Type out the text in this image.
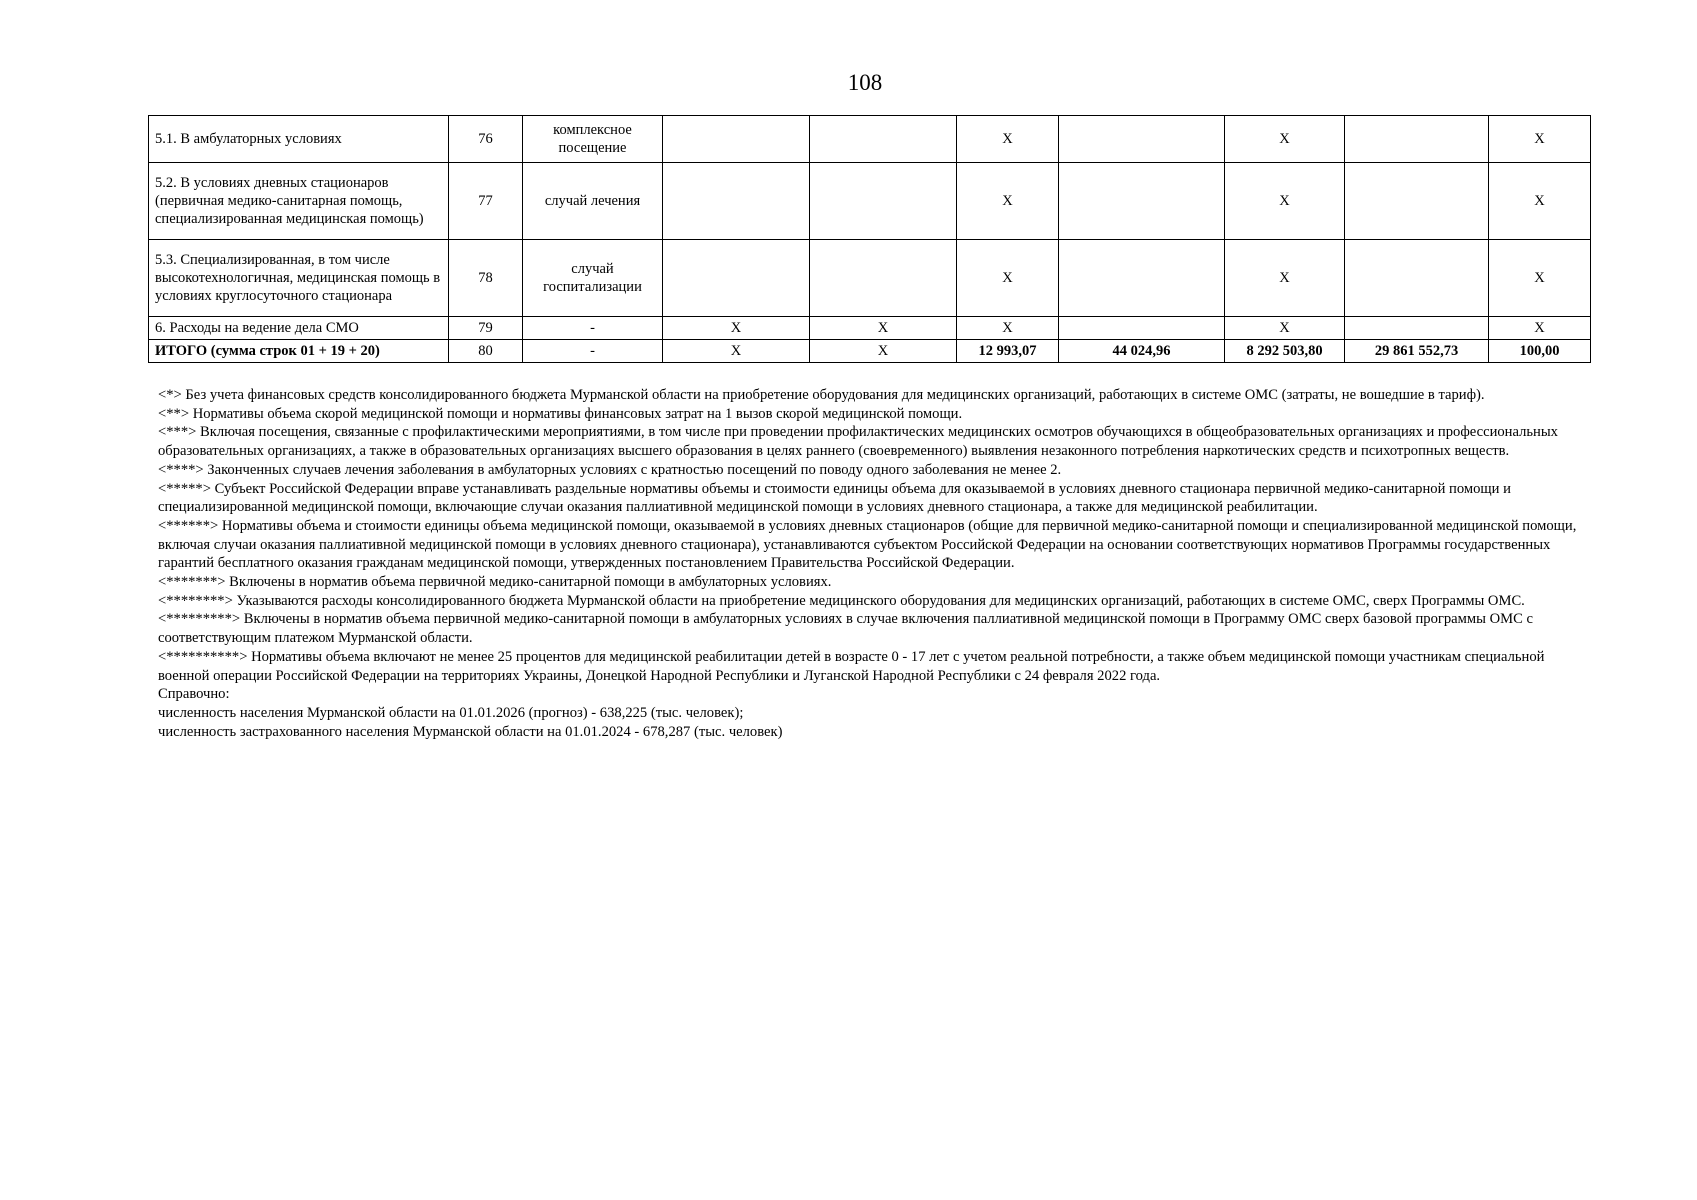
108
5.1. В амбулаторных условиях	76	комплексное посещение			X		X		X
5.2. В условиях дневных стационаров (первичная медико-санитарная помощь, специализированная медицинская помощь)	77	случай лечения			X		X		X
5.3. Специализированная, в том числе высокотехнологичная, медицинская помощь в условиях круглосуточного стационара	78	случай госпитализации			X		X		X
6. Расходы на ведение дела СМО	79	-	X	X	X		X		X
ИТОГО (сумма строк 01 + 19 + 20)	80	-	X	X	12 993,07	44 024,96	8 292 503,80	29 861 552,73	100,00

<*> Без учета финансовых средств консолидированного бюджета Мурманской области на приобретение оборудования для медицинских организаций, работающих в системе ОМС (затраты, не вошедшие в тариф).

<**> Нормативы объема скорой медицинской помощи и нормативы финансовых затрат на 1 вызов скорой медицинской помощи.

<***> Включая посещения, связанные с профилактическими мероприятиями, в том числе при проведении профилактических медицинских осмотров обучающихся в общеобразовательных организациях и профессиональных образовательных организациях, а также в образовательных организациях высшего образования в целях раннего (своевременного) выявления незаконного потребления наркотических средств и психотропных веществ.

<****> Законченных случаев лечения заболевания в амбулаторных условиях с кратностью посещений по поводу одного заболевания не менее 2.

<*****> Субъект Российской Федерации вправе устанавливать раздельные нормативы объемы и стоимости единицы объема для оказываемой в условиях дневного стационара первичной медико-санитарной помощи и специализированной медицинской помощи, включающие случаи оказания паллиативной медицинской помощи в условиях дневного стационара, а также для медицинской реабилитации.

<******> Нормативы объема и стоимости единицы объема медицинской помощи, оказываемой в условиях дневных стационаров (общие для первичной медико-санитарной помощи и специализированной медицинской помощи, включая случаи оказания паллиативной медицинской помощи в условиях дневного стационара), устанавливаются субъектом Российской Федерации на основании соответствующих нормативов Программы государственных гарантий бесплатного оказания гражданам медицинской помощи, утвержденных постановлением Правительства Российской Федерации.

<*******> Включены в норматив объема первичной медико-санитарной помощи в амбулаторных условиях.

<********> Указываются расходы консолидированного бюджета Мурманской области на приобретение медицинского оборудования для медицинских организаций, работающих в системе ОМС, сверх Программы ОМС.

<*********> Включены в норматив объема первичной медико-санитарной помощи в амбулаторных условиях в случае включения паллиативной медицинской помощи в Программу ОМС сверх базовой программы ОМС с соответствующим платежом Мурманской области.

<**********> Нормативы объема включают не менее 25 процентов для медицинской реабилитации детей в возрасте 0 - 17 лет с учетом реальной потребности, а также объем медицинской помощи участникам специальной военной операции Российской Федерации на территориях Украины, Донецкой Народной Республики и Луганской Народной Республики с 24 февраля 2022 года.

Справочно:

численность населения Мурманской области на 01.01.2026 (прогноз) - 638,225 (тыс. человек);

численность застрахованного населения Мурманской области на 01.01.2024 - 678,287 (тыс. человек)
